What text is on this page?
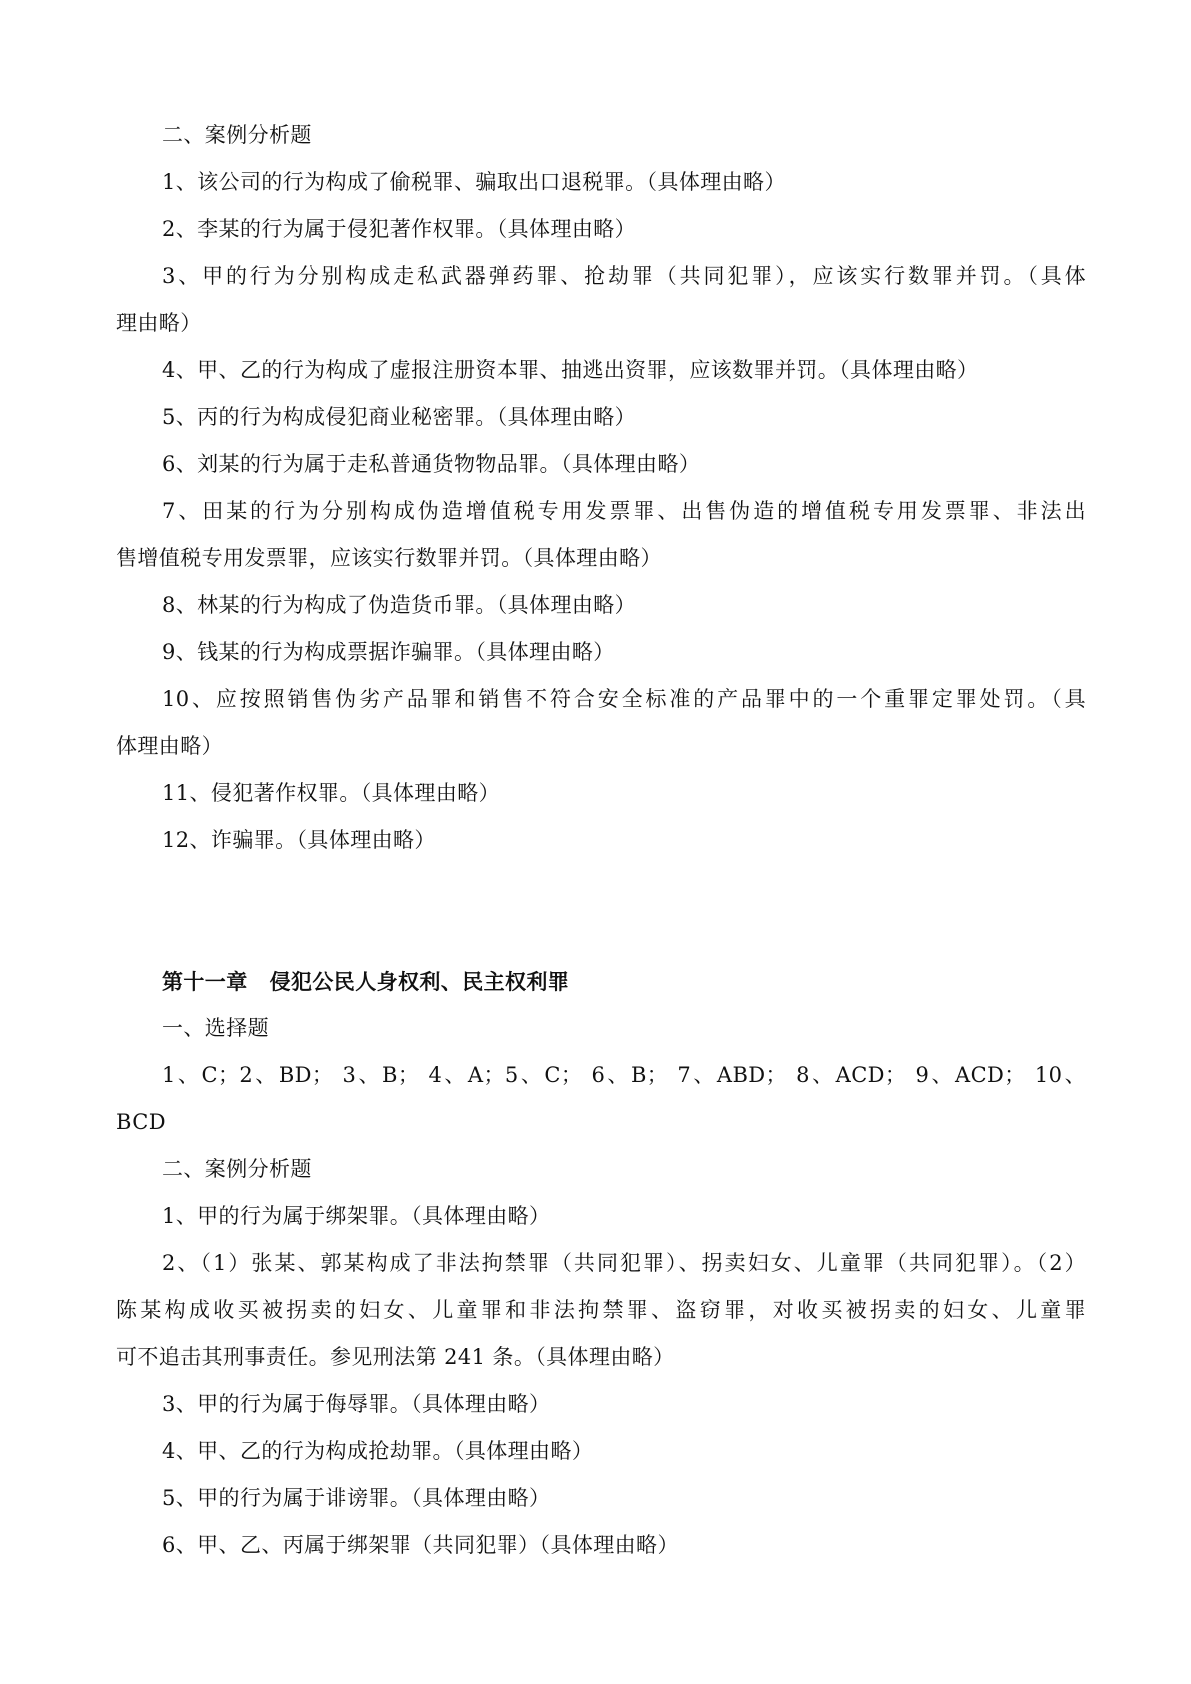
二、案例分析题
1、该公司的行为构成了偷税罪、骗取出口退税罪。（具体理由略）
2、李某的行为属于侵犯著作权罪。（具体理由略）
3、甲的行为分别构成走私武器弹药罪、抢劫罪（共同犯罪），应该实行数罪并罚。（具体
理由略）
4、甲、乙的行为构成了虚报注册资本罪、抽逃出资罪，应该数罪并罚。（具体理由略）
5、丙的行为构成侵犯商业秘密罪。（具体理由略）
6、刘某的行为属于走私普通货物物品罪。（具体理由略）
7、田某的行为分别构成伪造增值税专用发票罪、出售伪造的增值税专用发票罪、非法出
售增值税专用发票罪，应该实行数罪并罚。（具体理由略）
8、林某的行为构成了伪造货币罪。（具体理由略）
9、钱某的行为构成票据诈骗罪。（具体理由略）
10、应按照销售伪劣产品罪和销售不符合安全标准的产品罪中的一个重罪定罪处罚。（具
体理由略）
11、侵犯著作权罪。（具体理由略）
12、诈骗罪。（具体理由略）
第十一章 侵犯公民人身权利、民主权利罪
一、选择题
1、C；2、BD； 3、B； 4、A；5、C； 6、B； 7、ABD； 8、ACD； 9、ACD； 10、
BCD
二、案例分析题
1、甲的行为属于绑架罪。（具体理由略）
2、（1）张某、郭某构成了非法拘禁罪（共同犯罪）、拐卖妇女、儿童罪（共同犯罪）。（2）
陈某构成收买被拐卖的妇女、儿童罪和非法拘禁罪、盗窃罪，对收买被拐卖的妇女、儿童罪
可不追击其刑事责任。参见刑法第 241 条。（具体理由略）
3、甲的行为属于侮辱罪。（具体理由略）
4、甲、乙的行为构成抢劫罪。（具体理由略）
5、甲的行为属于诽谤罪。（具体理由略）
6、甲、乙、丙属于绑架罪（共同犯罪）（具体理由略）
